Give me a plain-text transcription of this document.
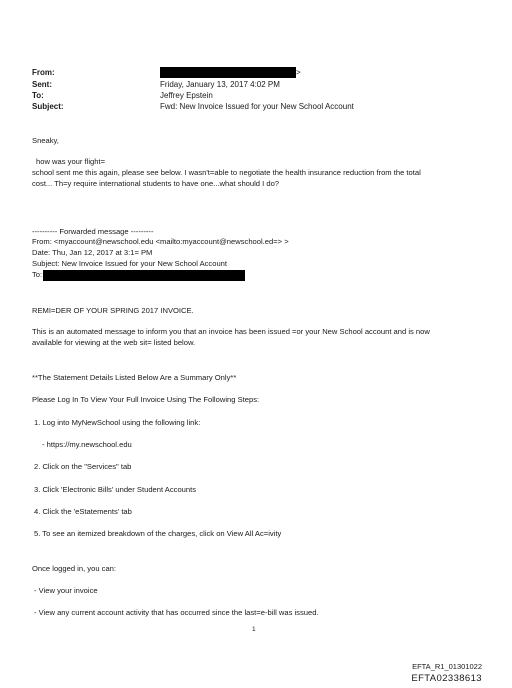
From:	>
Sent:	Friday, January 13, 2017 4:02 PM
To:	Jeffrey Epstein
Subject:	Fwd: New Invoice Issued for your New School Account
Sneaky,
how was your flight=
school sent me this again, please see below. I wasn't=able to negotiate the health insurance reduction from the total
cost... Th=y require international students to have one...what should I do?
---------- Forwarded message ---------
From: <myaccount@newschool.edu <mailto:myaccount@newschool.ed=> >
Date: Thu, Jan 12, 2017 at 3:1= PM
Subject: New Invoice Issued for your New School Account
To:
REMI=DER OF YOUR SPRING 2017 INVOICE.
This is an automated message to inform you that an invoice has been issued =or your New School account and is now
available for viewing at the web sit= listed below.
**The Statement Details Listed Below Are a Summary Only**
Please Log In To View Your Full Invoice Using The Following Steps:
1. Log into MyNewSchool using the following link:
- https://my.newschool.edu
2. Click on the "Services" tab
3. Click 'Electronic Bills' under Student Accounts
4. Click the 'eStatements' tab
5. To see an itemized breakdown of the charges, click on View All Ac=ivity
Once logged in, you can:
- View your invoice
- View any current account activity that has occurred since the last=e-bill was issued.
1
EFTA_R1_01301022
EFTA02338613
